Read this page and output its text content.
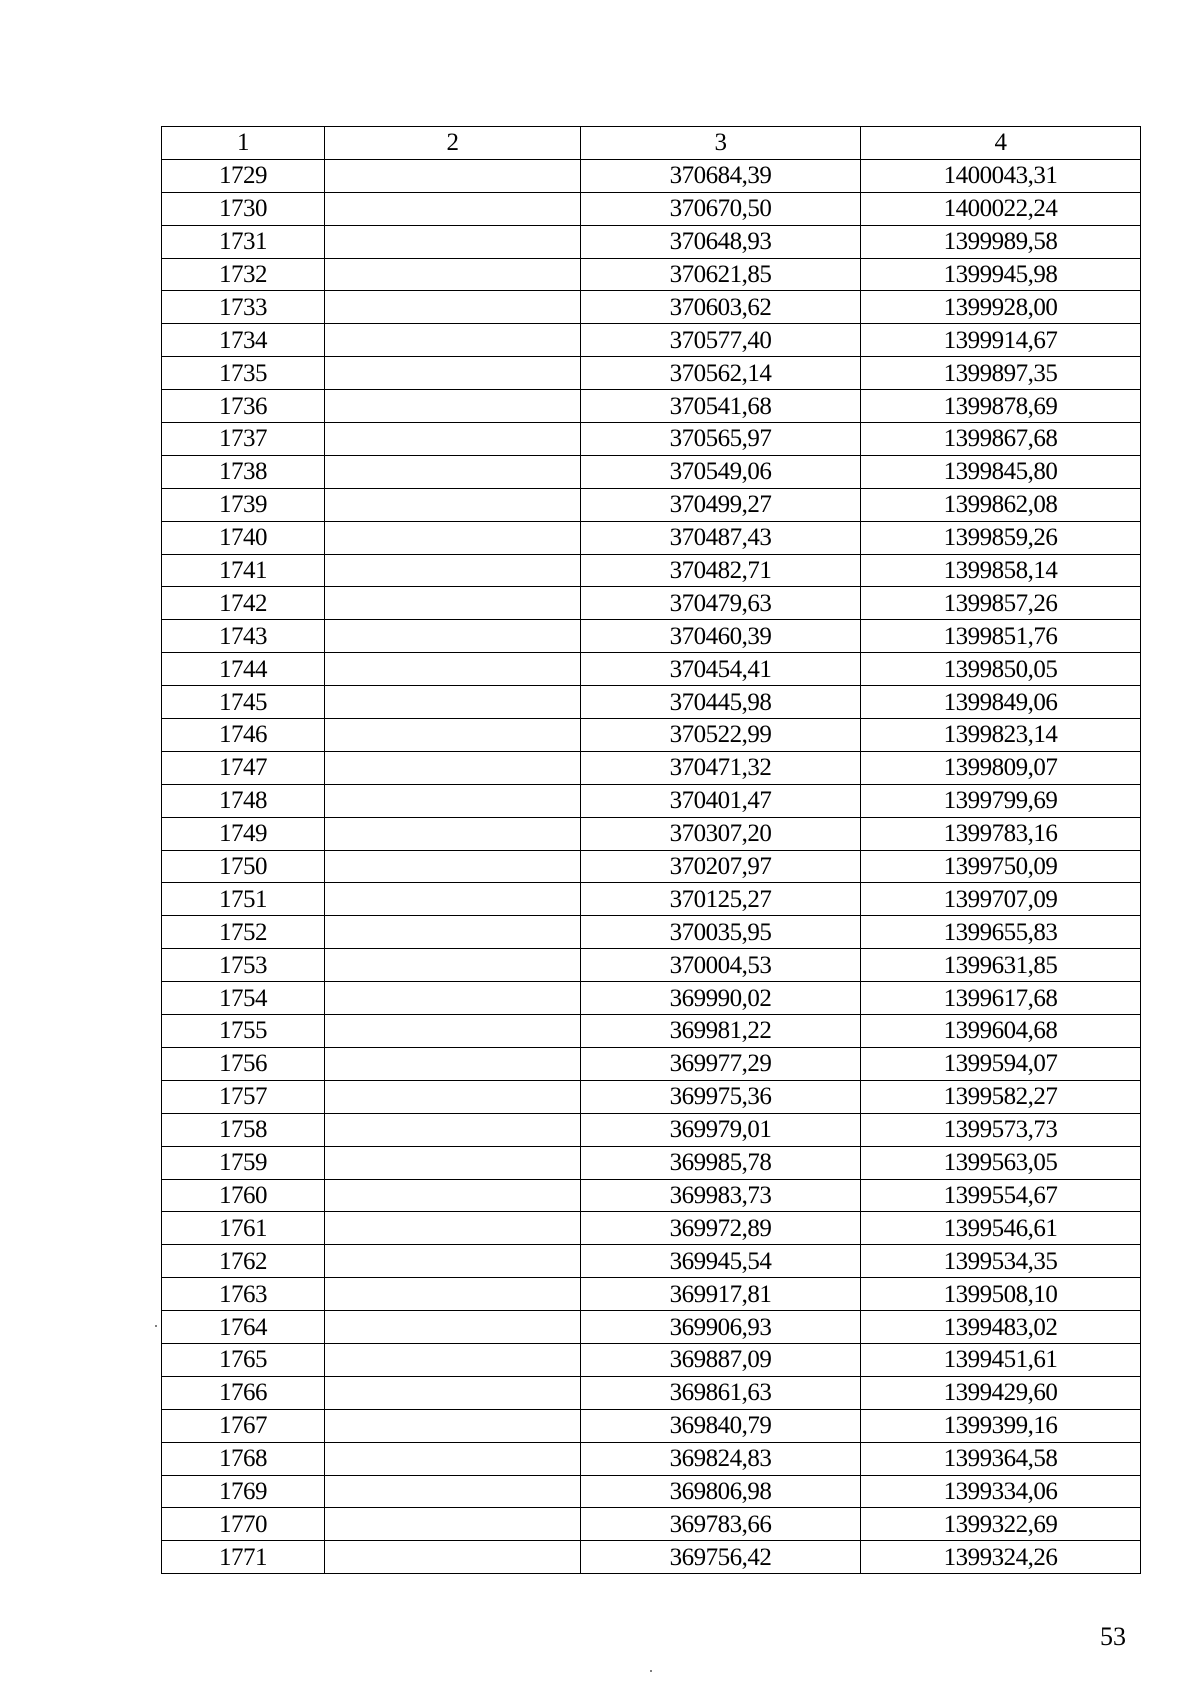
1	2	3	4
1729		370684,39	1400043,31
1730		370670,50	1400022,24
1731		370648,93	1399989,58
1732		370621,85	1399945,98
1733		370603,62	1399928,00
1734		370577,40	1399914,67
1735		370562,14	1399897,35
1736		370541,68	1399878,69
1737		370565,97	1399867,68
1738		370549,06	1399845,80
1739		370499,27	1399862,08
1740		370487,43	1399859,26
1741		370482,71	1399858,14
1742		370479,63	1399857,26
1743		370460,39	1399851,76
1744		370454,41	1399850,05
1745		370445,98	1399849,06
1746		370522,99	1399823,14
1747		370471,32	1399809,07
1748		370401,47	1399799,69
1749		370307,20	1399783,16
1750		370207,97	1399750,09
1751		370125,27	1399707,09
1752		370035,95	1399655,83
1753		370004,53	1399631,85
1754		369990,02	1399617,68
1755		369981,22	1399604,68
1756		369977,29	1399594,07
1757		369975,36	1399582,27
1758		369979,01	1399573,73
1759		369985,78	1399563,05
1760		369983,73	1399554,67
1761		369972,89	1399546,61
1762		369945,54	1399534,35
1763		369917,81	1399508,10
1764		369906,93	1399483,02
1765		369887,09	1399451,61
1766		369861,63	1399429,60
1767		369840,79	1399399,16
1768		369824,83	1399364,58
1769		369806,98	1399334,06
1770		369783,66	1399322,69
1771		369756,42	1399324,26
53
